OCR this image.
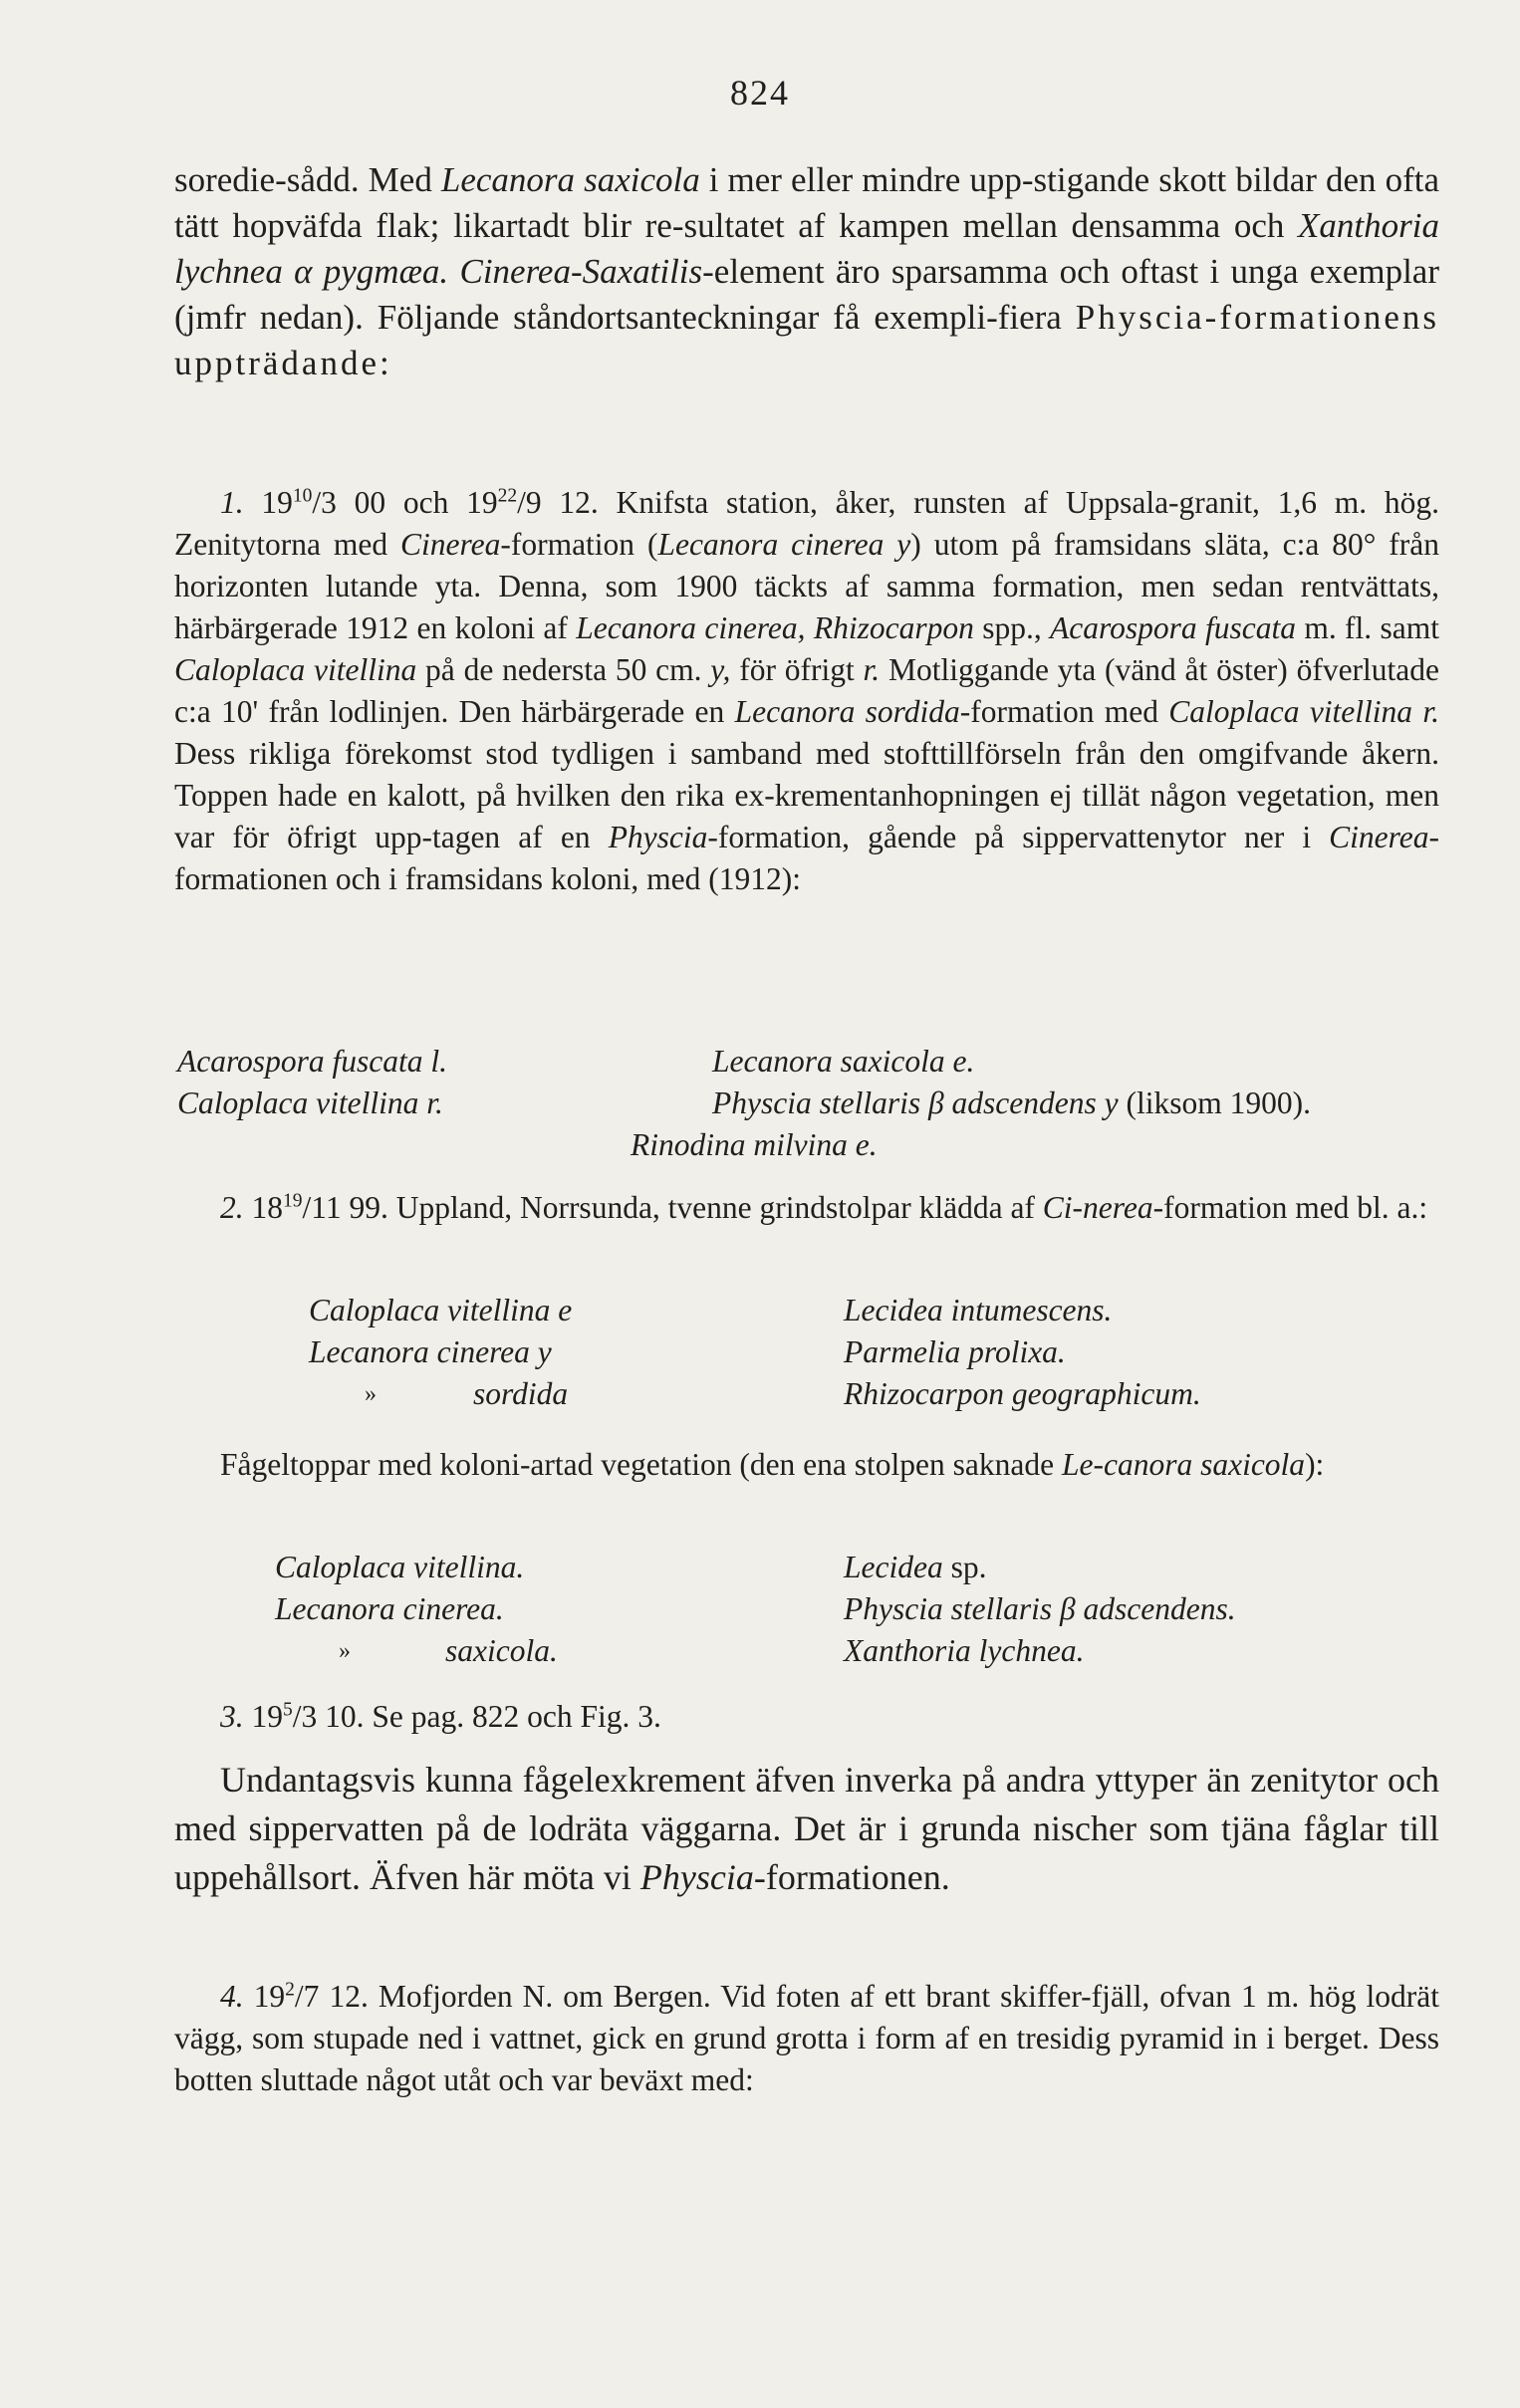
824

soredie-sådd. Med Lecanora saxicola i mer eller mindre upp-stigande skott bildar den ofta tätt hopväfda flak; likartadt blir re-sultatet af kampen mellan densamma och Xanthoria lychnea α pygmæa. Cinerea-Saxatilis-element äro sparsamma och oftast i unga exemplar (jmfr nedan). Följande ståndortsanteckningar få exempli-fiera Physcia-formationens uppträdande:

1. $19^{10}/3$ 00 och $19^{22}/9$ 12. Knifsta station, åker, runsten af Uppsala-granit, 1,6 m. hög. Zenitytorna med Cinerea-formation (Lecanora cinerea y) utom på framsidans släta, c:a 80° från horizonten lutande yta. Denna, som 1900 täckts af samma formation, men sedan rentvättats, härbärgerade 1912 en koloni af Lecanora cinerea, Rhizocarpon spp., Acarospora fuscata m. fl. samt Caloplaca vitellina på de nedersta 50 cm. y, för öfrigt r. Motliggande yta (vänd åt öster) öfverlutade c:a 10' från lodlinjen. Den härbärgerade en Lecanora sordida-formation med Caloplaca vitellina r. Dess rikliga förekomst stod tydligen i samband med stofttillförseln från den omgifvande åkern. Toppen hade en kalott, på hvilken den rika ex-krementanhopningen ej tillät någon vegetation, men var för öfrigt upp-tagen af en Physcia-formation, gående på sippervattenytor ner i Cinerea-formationen och i framsidans koloni, med (1912):

Acarospora fuscata l.
Caloplaca vitellina r.
Lecanora saxicola e.
Physcia stellaris β adscendens y (liksom 1900).
Rinodina milvina e.

2. $18^{19}/11$ 99. Uppland, Norrsunda, tvenne grindstolpar klädda af Ci-nerea-formation med bl. a.:

Caloplaca vitellina e
Lecanora cinerea y
»	sordida
Lecidea intumescens.
Parmelia prolixa.
Rhizocarpon geographicum.

Fågeltoppar med koloni-artad vegetation (den ena stolpen saknade Le-canora saxicola):

Caloplaca vitellina.
Lecanora cinerea.
»	saxicola.
Lecidea sp.
Physcia stellaris β adscendens.
Xanthoria lychnea.

3. $19^5/3$ 10. Se pag. 822 och Fig. 3.

Undantagsvis kunna fågelexkrement äfven inverka på andra yttyper än zenitytor och med sippervatten på de lodräta väggarna. Det är i grunda nischer som tjäna fåglar till uppehållsort. Äfven här möta vi Physcia-formationen.

4. $19^2/7$ 12. Mofjorden N. om Bergen. Vid foten af ett brant skiffer-fjäll, ofvan 1 m. hög lodrät vägg, som stupade ned i vattnet, gick en grund grotta i form af en tresidig pyramid in i berget. Dess botten sluttade något utåt och var beväxt med:
